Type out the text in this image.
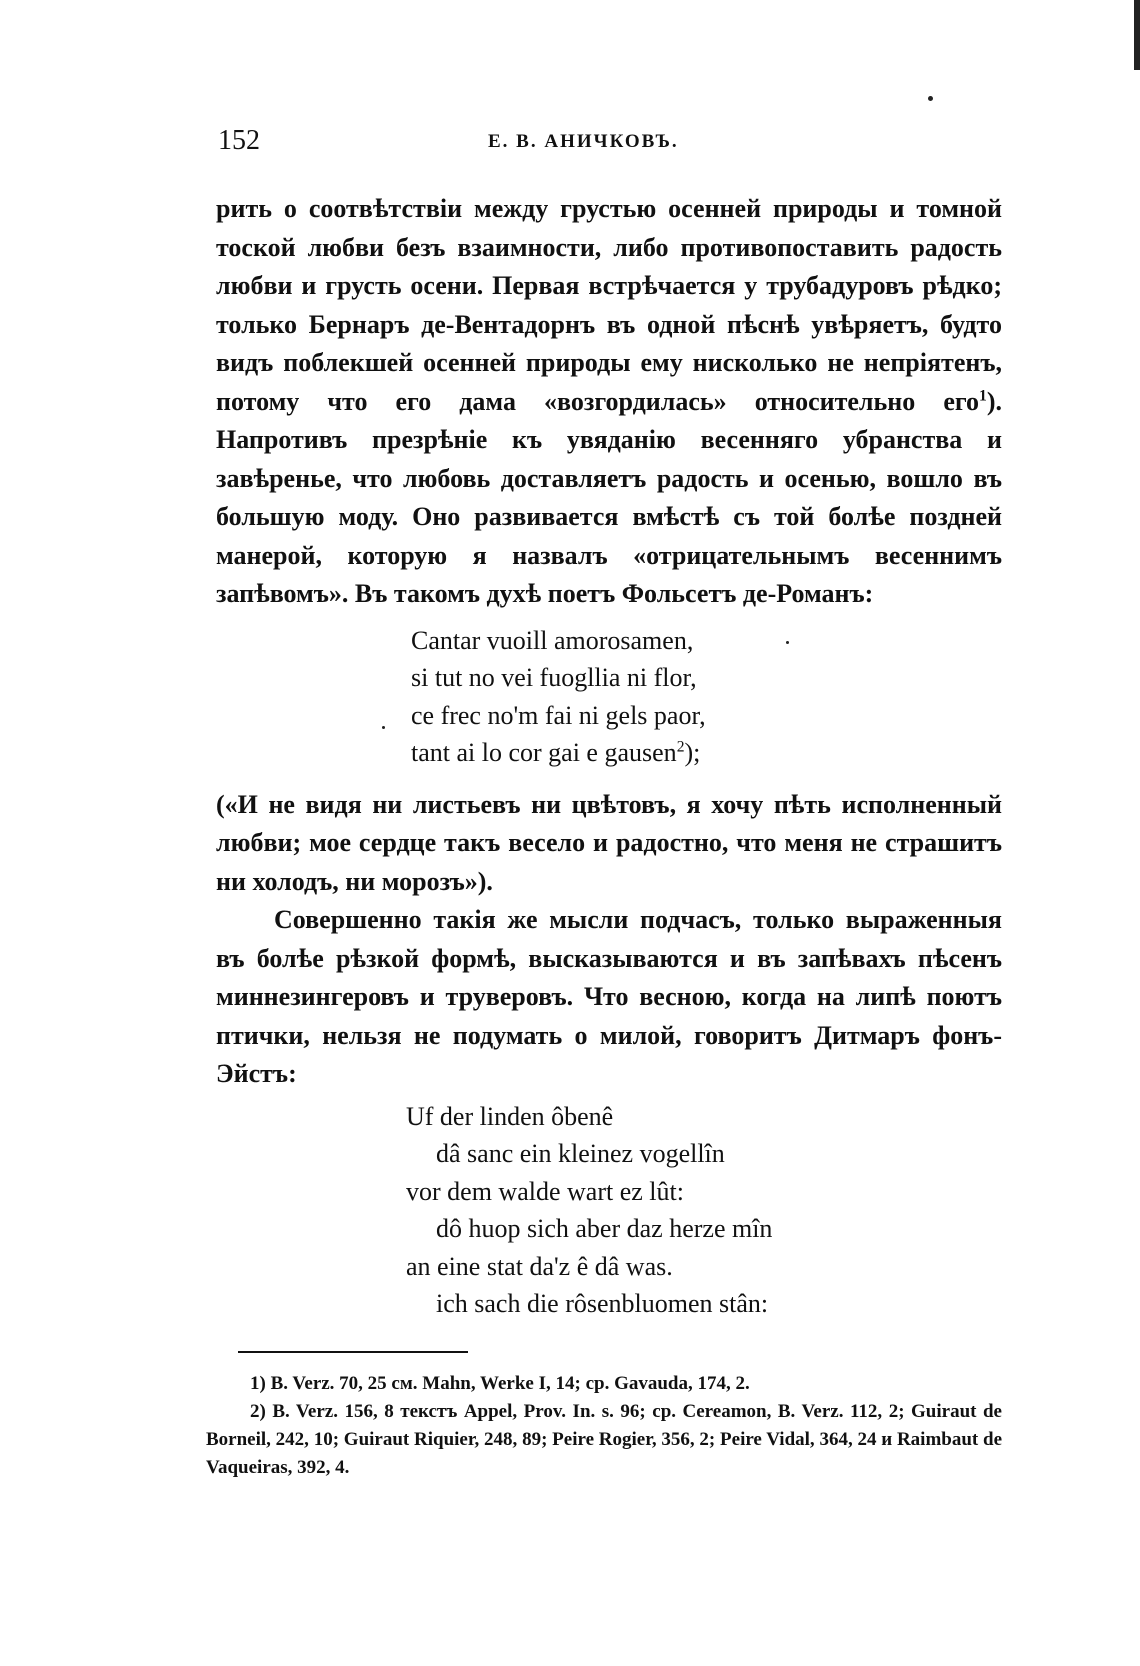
152	Е. В. АНИЧКОВЪ.

рить о соотвѣтствіи между грустью осенней природы и томной тоской любви безъ взаимности, либо противопоставить радость любви и грусть осени. Первая встрѣчается у трубадуровъ рѣдко; только Бернаръ де-Вентадорнъ въ одной пѣснѣ увѣряетъ, будто видъ поблекшей осенней природы ему нисколько не непріятенъ, потому что его дама «возгордилась» относительно его$^1$). Напротивъ презрѣніе къ увяданію весенняго убранства и завѣренье, что любовь доставляетъ радость и осенью, вошло въ большую моду. Оно развивается вмѣстѣ съ той болѣе поздней манерой, которую я назвалъ «отрицательнымъ весеннимъ запѣвомъ». Въ такомъ духѣ поетъ Фольсетъ де-Романъ:

Cantar vuoill amorosamen,
si tut no vei fuogllia ni flor,
ce frec no'm fai ni gels paor,
tant ai lo cor gai e gausen$^2$);

(«И не видя ни листьевъ ни цвѣтовъ, я хочу пѣть исполненный любви; мое сердце такъ весело и радостно, что меня не страшитъ ни холодъ, ни морозъ»).

Совершенно такія же мысли подчасъ, только выраженныя въ болѣе рѣзкой формѣ, высказываются и въ запѣвахъ пѣсенъ миннезингеровъ и труверовъ. Что весною, когда на липѣ поютъ птички, нельзя не подумать о милой, говоритъ Дитмаръ фонъ-Эйстъ:

Uf der linden ôbenê
dâ sanc ein kleinez vogellîn
vor dem walde wart ez lût:
dô huop sich aber daz herze mîn
an eine stat da'z ê dâ was.
ich sach die rôsenbluomen stân:

1) B. Verz. 70, 25 см. Mahn, Werke I, 14; ср. Gavauda, 174, 2.

2) B. Verz. 156, 8 текстъ Appel, Prov. In. s. 96; ср. Cereamon, B. Verz. 112, 2; Guiraut de Borneil, 242, 10; Guiraut Riquier, 248, 89; Peire Rogier, 356, 2; Peire Vidal, 364, 24 и Raimbaut de Vaqueiras, 392, 4.
